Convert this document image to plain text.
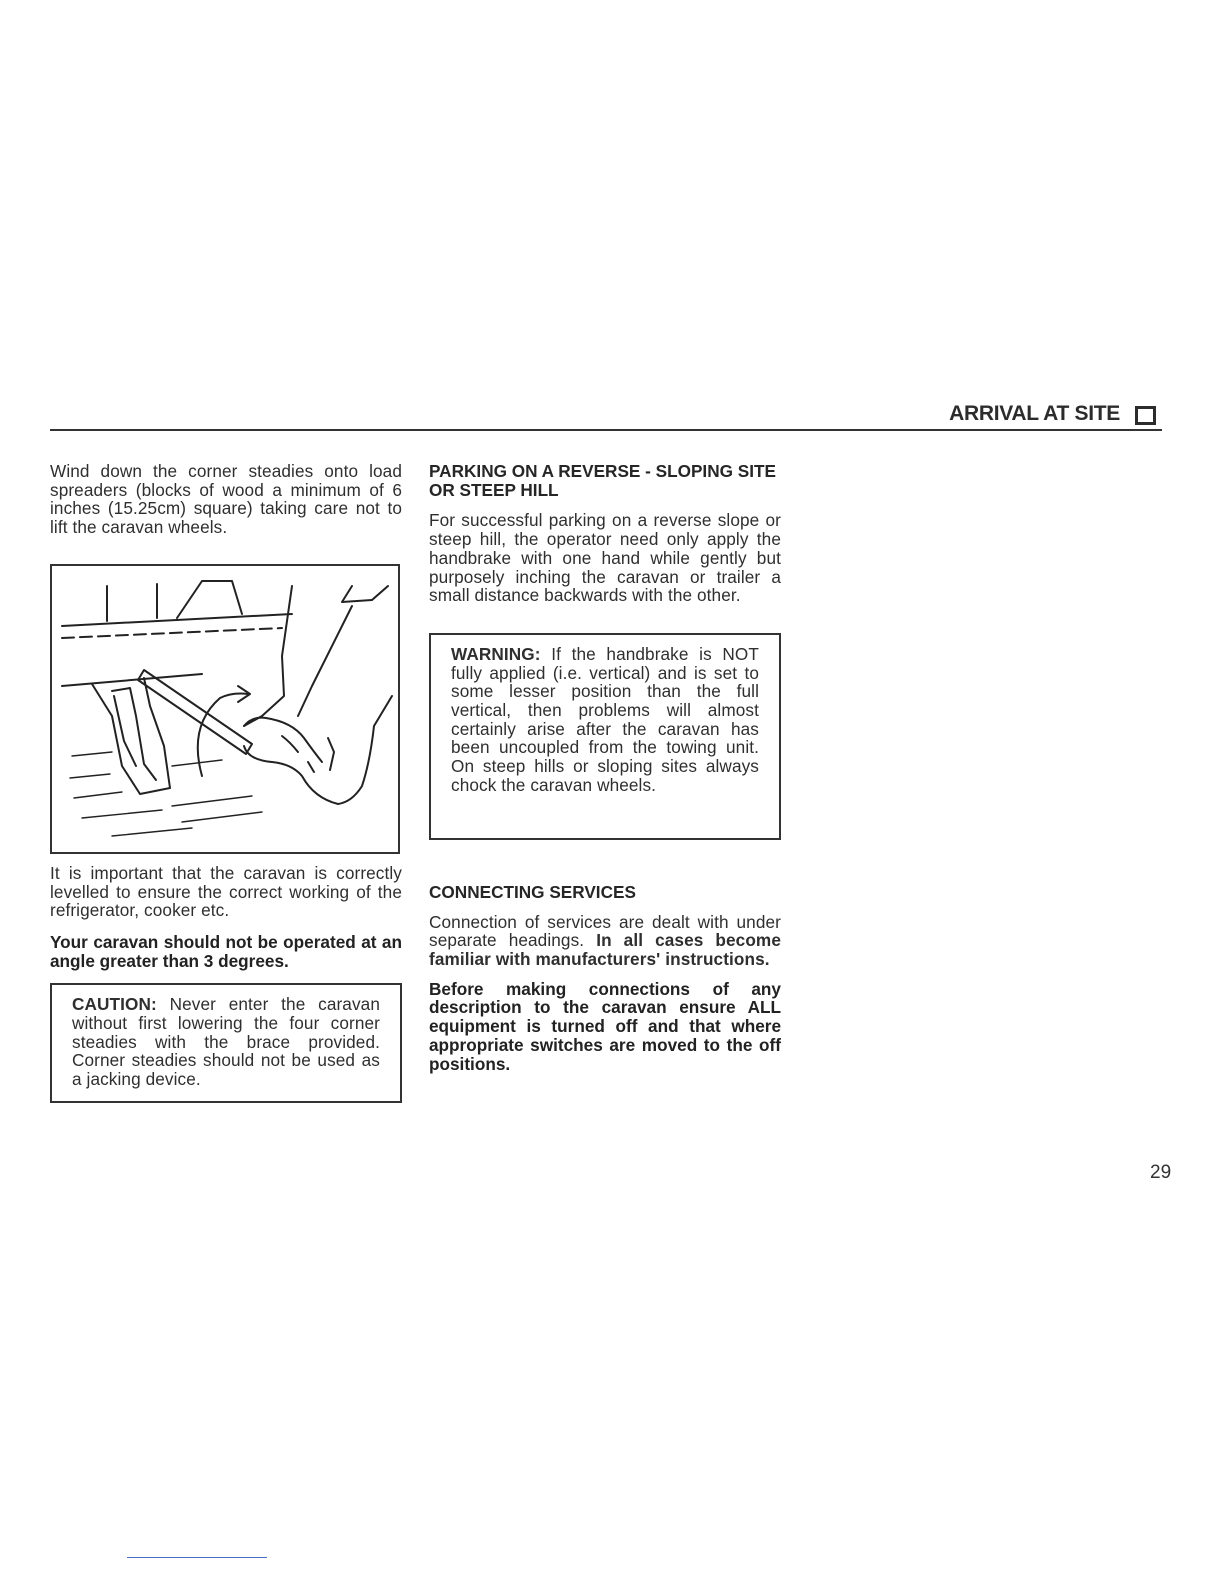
ARRIVAL AT SITE

Wind down the corner steadies onto load spreaders (blocks of wood a minimum of 6 inches (15.25cm) square) taking care not to lift the caravan wheels.

It is important that the caravan is correctly levelled to ensure the correct working of the refrigerator, cooker etc.

Your caravan should not be operated at an angle greater than 3 degrees.

CAUTION: Never enter the caravan without first lowering the four corner steadies with the brace provided. Corner steadies should not be used as a jacking device.

PARKING ON A REVERSE - SLOPING SITE OR STEEP HILL

For successful parking on a reverse slope or steep hill, the operator need only apply the handbrake with one hand while gently but purposely inching the caravan or trailer a small distance backwards with the other.

WARNING: If the handbrake is NOT fully applied (i.e. vertical) and is set to some lesser position than the full vertical, then problems will almost certainly arise after the caravan has been uncoupled from the towing unit. On steep hills or sloping sites always chock the caravan wheels.

CONNECTING SERVICES

Connection of services are dealt with under separate headings. In all cases become familiar with manufacturers' instructions.

Before making connections of any description to the caravan ensure ALL equipment is turned off and that where appropriate switches are moved to the off positions.

29
